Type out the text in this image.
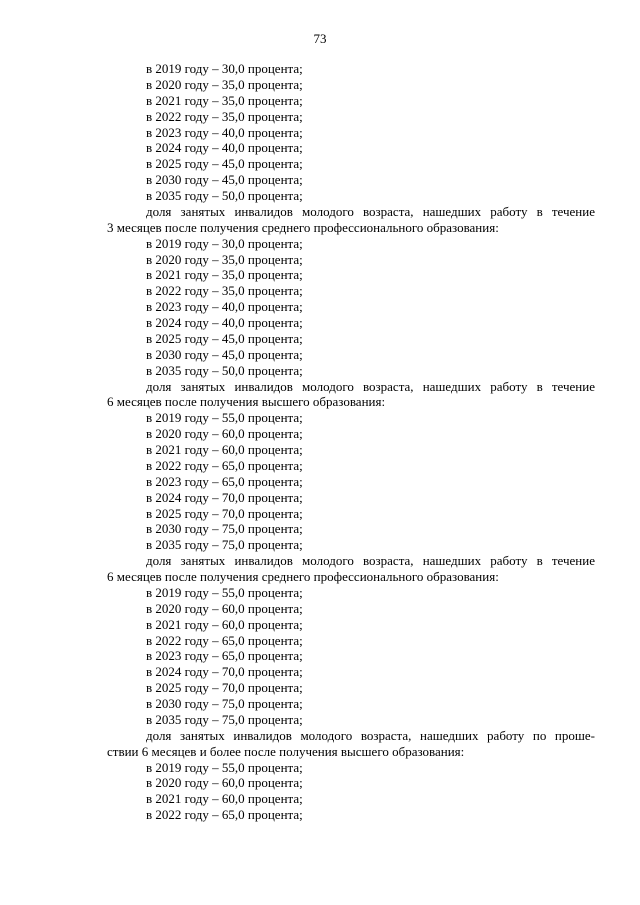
73
в 2019 году – 30,0 процента;
в 2020 году – 35,0 процента;
в 2021 году – 35,0 процента;
в 2022 году – 35,0 процента;
в 2023 году – 40,0 процента;
в 2024 году – 40,0 процента;
в 2025 году – 45,0 процента;
в 2030 году – 45,0 процента;
в 2035 году – 50,0 процента;
доля занятых инвалидов молодого возраста, нашедших работу в течение
3 месяцев после получения среднего профессионального образования:
в 2019 году – 30,0 процента;
в 2020 году – 35,0 процента;
в 2021 году – 35,0 процента;
в 2022 году – 35,0 процента;
в 2023 году – 40,0 процента;
в 2024 году – 40,0 процента;
в 2025 году – 45,0 процента;
в 2030 году – 45,0 процента;
в 2035 году – 50,0 процента;
доля занятых инвалидов молодого возраста, нашедших работу в течение
6 месяцев после получения высшего образования:
в 2019 году – 55,0 процента;
в 2020 году – 60,0 процента;
в 2021 году – 60,0 процента;
в 2022 году – 65,0 процента;
в 2023 году – 65,0 процента;
в 2024 году – 70,0 процента;
в 2025 году – 70,0 процента;
в 2030 году – 75,0 процента;
в 2035 году – 75,0 процента;
доля занятых инвалидов молодого возраста, нашедших работу в течение
6 месяцев после получения среднего профессионального образования:
в 2019 году – 55,0 процента;
в 2020 году – 60,0 процента;
в 2021 году – 60,0 процента;
в 2022 году – 65,0 процента;
в 2023 году – 65,0 процента;
в 2024 году – 70,0 процента;
в 2025 году – 70,0 процента;
в 2030 году – 75,0 процента;
в 2035 году – 75,0 процента;
доля занятых инвалидов молодого возраста, нашедших работу по проше-
ствии 6 месяцев и более после получения высшего образования:
в 2019 году – 55,0 процента;
в 2020 году – 60,0 процента;
в 2021 году – 60,0 процента;
в 2022 году – 65,0 процента;
